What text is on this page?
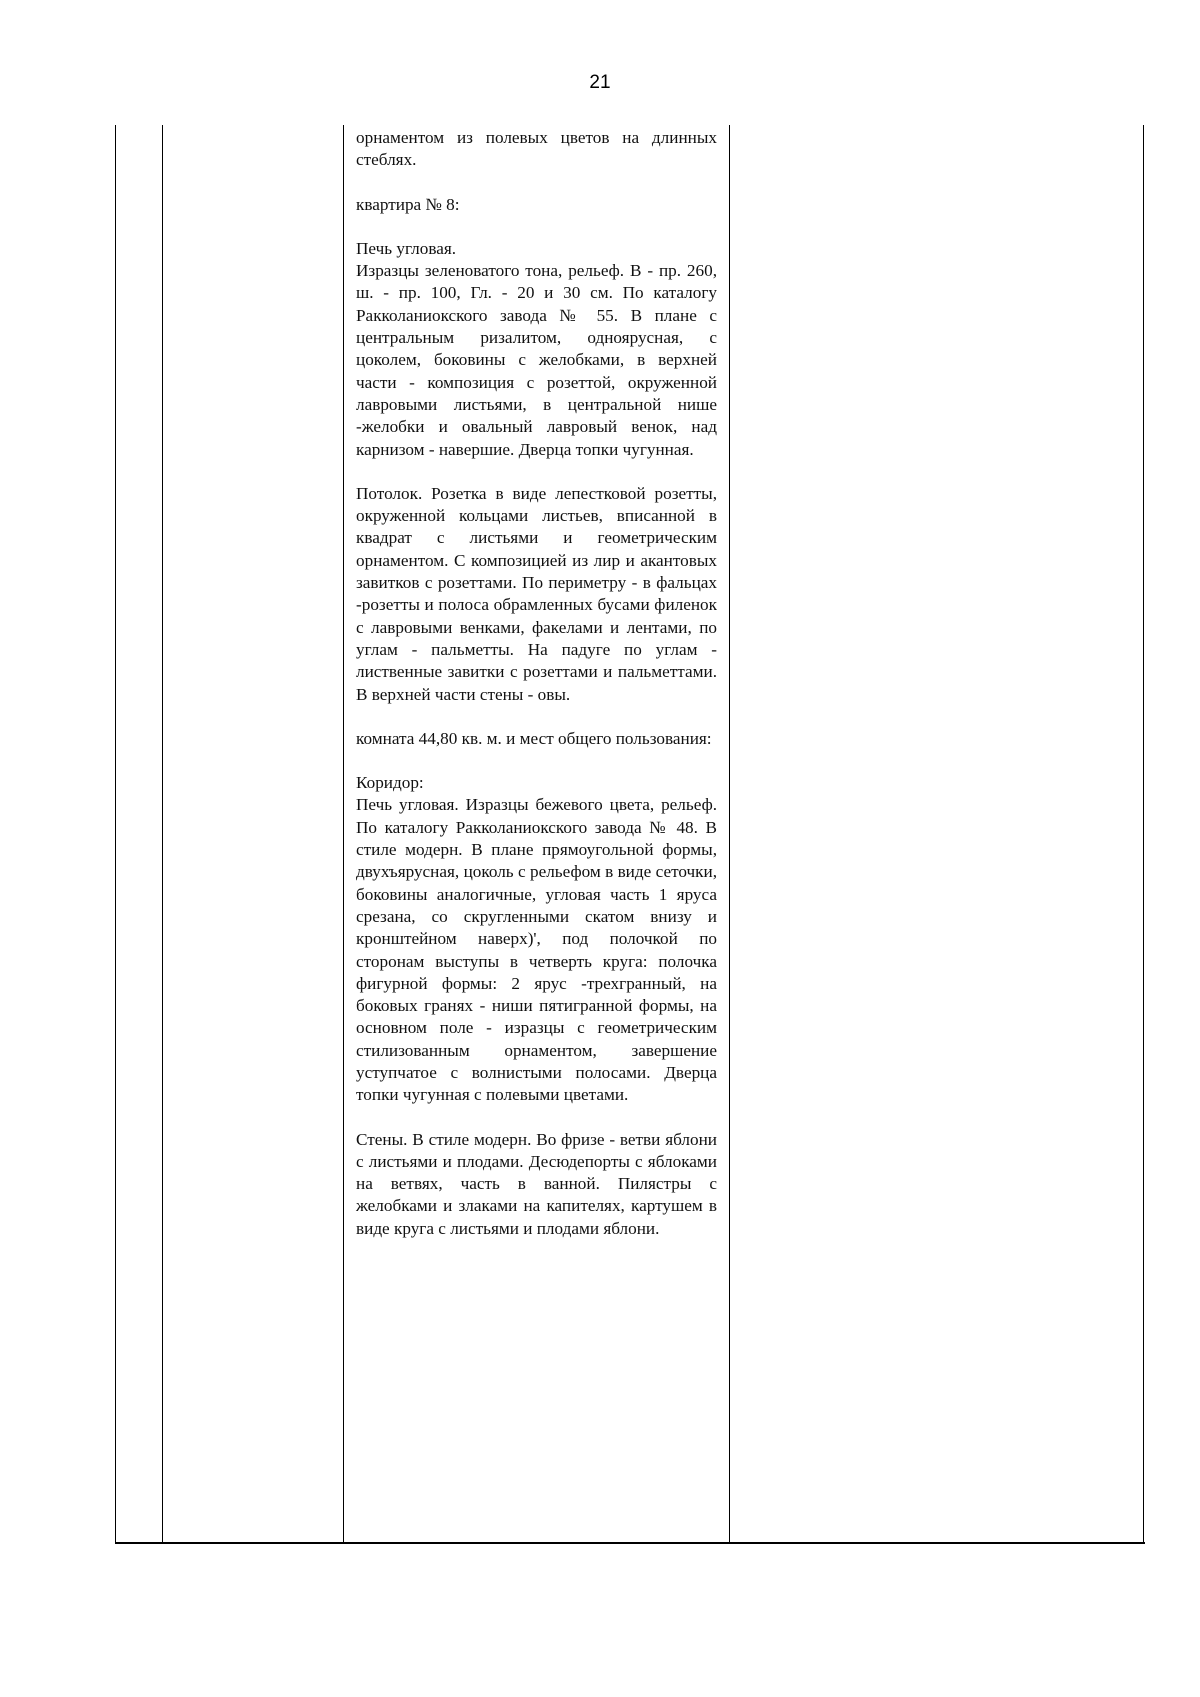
21

орнаментом из полевых цветов на длинных стеблях.

квартира № 8:

Печь угловая.

Изразцы зеленоватого тона, рельеф. В - пр. 260, ш. - пр. 100, Гл. - 20 и 30 см. По каталогу Ракколаниокского завода № 55. В плане с центральным ризалитом, одноярусная, с цоколем, боковины с желобками, в верхней части - композиция с розеттой, окруженной лавровыми листьями, в центральной нише -желобки и овальный лавровый венок, над карнизом - навершие. Дверца топки чугунная.

Потолок. Розетка в виде лепестковой розетты, окруженной кольцами листьев, вписанной в квадрат с листьями и геометрическим орнаментом. С композицией из лир и акантовых завитков с розеттами. По периметру - в фальцах -розетты и полоса обрамленных бусами филенок с лавровыми венками, факелами и лентами, по углам - пальметты. На падуге по углам - лиственные завитки с розеттами и пальметтами. В верхней части стены - овы.

комната 44,80 кв. м. и мест общего пользования:

Коридор:

Печь угловая. Изразцы бежевого цвета, рельеф. По каталогу Ракколаниокского завода № 48. В стиле модерн. В плане прямоугольной формы, двухъярусная, цоколь с рельефом в виде сеточки, боковины аналогичные, угловая часть 1 яруса срезана, со скругленными скатом внизу и кронштейном наверх)', под полочкой по сторонам выступы в четверть круга: полочка фигурной формы: 2 ярус -трехгранный, на боковых гранях - ниши пятигранной формы, на основном поле - изразцы с геометрическим стилизованным орнаментом, завершение уступчатое с волнистыми полосами. Дверца топки чугунная с полевыми цветами.

Стены. В стиле модерн. Во фризе - ветви яблони с листьями и плодами. Десюдепорты с яблоками на ветвях, часть в ванной. Пилястры с желобками и злаками на капителях, картушем в виде круга с листьями и плодами яблони.
